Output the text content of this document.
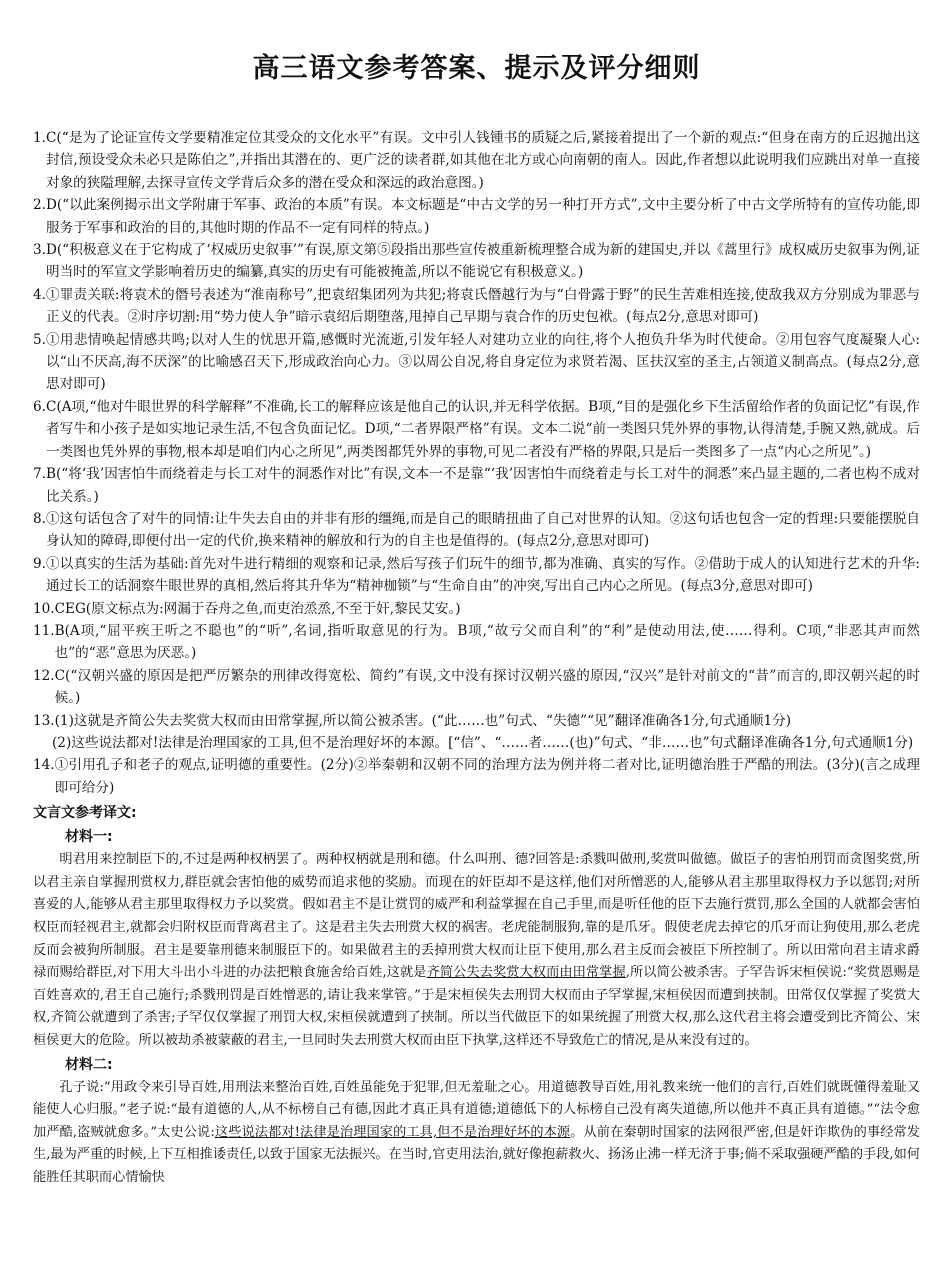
高三语文参考答案、提示及评分细则
1. C(“是为了论证宣传文学要精准定位其受众的文化水平”有误。文中引人钱锺书的质疑之后,紧接着提出了一个新的观点:“但身在南方的丘迟抛出这封信,预设受众未必只是陈伯之”,并指出其潜在的、更广泛的读者群,如其他在北方或心向南朝的南人。因此,作者想以此说明我们应跳出对单一直接对象的狭隘理解,去探寻宣传文学背后众多的潜在受众和深远的政治意图。)
2. D(“以此案例揭示出文学附庸于军事、政治的本质”有误。本文标题是“中古文学的另一种打开方式”,文中主要分析了中古文学所特有的宣传功能,即服务于军事和政治的目的,其他时期的作品不一定有同样的特点。)
3. D(“积极意义在于它构成了‘权威历史叙事’”有误,原文第⑤段指出那些宣传被重新梳理整合成为新的建国史,并以《蒿里行》成权威历史叙事为例,证明当时的军宣文学影响着历史的编纂,真实的历史有可能被掩盖,所以不能说它有积极意义。)
4. ①罪责关联:将袁术的僭号表述为“淮南称号”,把袁绍集团列为共犯;将袁氏僭越行为与“白骨露于野”的民生苦难相连接,使敌我双方分别成为罪恶与正义的代表。②时序切割:用“势力使人争”暗示袁绍后期堕落,甩掉自己早期与袁合作的历史包袱。(每点2分,意思对即可)
5. ①用悲情唤起情感共鸣;以对人生的忧思开篇,感慨时光流逝,引发年轻人对建功立业的向往,将个人抱负升华为时代使命。②用包容气度凝聚人心:以“山不厌高,海不厌深”的比喻感召天下,形成政治向心力。③以周公自况,将自身定位为求贤若渴、匡扶汉室的圣主,占领道义制高点。(每点2分,意思对即可)
6. C(A项,“他对牛眼世界的科学解释”不准确,长工的解释应该是他自己的认识,并无科学依据。B项,“目的是强化乡下生活留给作者的负面记忆”有误,作者写牛和小孩子是如实地记录生活,不包含负面记忆。D项,“二者界限严格”有误。文本二说“前一类图只凭外界的事物,认得清楚,手腕又熟,就成。后一类图也凭外界的事物,根本却是咱们内心之所见”,两类图都凭外界的事物,可见二者没有严格的界限,只是后一类图多了一点“内心之所见”。)
7. B(“将‘我’因害怕牛而绕着走与长工对牛的洞悉作对比”有误,文本一不是靠“‘我’因害怕牛而绕着走与长工对牛的洞悉”来凸显主题的,二者也构不成对比关系。)
8. ①这句话包含了对牛的同情:让牛失去自由的并非有形的缰绳,而是自己的眼睛扭曲了自己对世界的认知。②这句话也包含一定的哲理:只要能摆脱自身认知的障碍,即便付出一定的代价,换来精神的解放和行为的自主也是值得的。(每点2分,意思对即可)
9. ①以真实的生活为基础:首先对牛进行精细的观察和记录,然后写孩子们玩牛的细节,都为准确、真实的写作。②借助于成人的认知进行艺术的升华:通过长工的话洞察牛眼世界的真相,然后将其升华为“精神枷锁”与“生命自由”的冲突,写出自己内心之所见。(每点3分,意思对即可)
10. CEG(原文标点为:网漏于吞舟之鱼,而吏治烝烝,不至于奸,黎民艾安。)
11. B(A项,“屈平疾王听之不聪也”的“听”,名词,指听取意见的行为。B项,“故亏父而自利”的“利”是使动用法,使……得利。C项,“非恶其声而然也”的“恶”意思为厌恶。)
12. C(“汉朝兴盛的原因是把严厉繁杂的刑律改得宽松、简约”有误,文中没有探讨汉朝兴盛的原因,“汉兴”是针对前文的“昔”而言的,即汉朝兴起的时候。)
13. (1)这就是齐简公失去奖赏大权而由田常掌握,所以简公被杀害。(“此……也”句式、“失德”“见”翻译准确各1分,句式通顺1分)
(2)这些说法都对!法律是治理国家的工具,但不是治理好坏的本源。[“信”、“……者……(也)”句式、“非……也”句式翻译准确各1分,句式通顺1分)
14. ①引用孔子和老子的观点,证明德的重要性。(2分)②举秦朝和汉朝不同的治理方法为例并将二者对比,证明德治胜于严酷的刑法。(3分)(言之成理即可给分)
文言文参考译文:
材料一:

明君用来控制臣下的,不过是两种权柄罢了。两种权柄就是刑和德。什么叫刑、德?回答是:杀戮叫做刑,奖赏叫做德。做臣子的害怕刑罚而贪图奖赏,所以君主亲自掌握刑赏权力,群臣就会害怕他的威势而追求他的奖励。而现在的奸臣却不是这样,他们对所憎恶的人,能够从君主那里取得权力予以惩罚;对所喜爱的人,能够从君主那里取得权力予以奖赏。假如君主不是让赏罚的威严和利益掌握在自己手里,而是听任他的臣下去施行赏罚,那么全国的人就都会害怕权臣而轻视君主,就都会归附权臣而背离君主了。这是君主失去刑赏大权的祸害。老虎能制服狗,靠的是爪牙。假使老虎去掉它的爪牙而让狗使用,那么老虎反而会被狗所制服。君主是要靠刑德来制服臣下的。如果做君主的丢掉刑赏大权而让臣下使用,那么君主反而会被臣下所控制了。所以田常向君主请求爵禄而赐给群臣,对下用大斗出小斗进的办法把粮食施舍给百姓,这就是齐简公失去奖赏大权而由田常掌握,所以简公被杀害。子罕告诉宋桓侯说:“奖赏恩赐是百姓喜欢的,君王自己施行;杀戮刑罚是百姓憎恶的,请让我来掌管。”于是宋桓侯失去刑罚大权而由子罕掌握,宋桓侯因而遭到挟制。田常仅仅掌握了奖赏大权,齐简公就遭到了杀害;子罕仅仅掌握了刑罚大权,宋桓侯就遭到了挟制。所以当代做臣下的如果统握了刑赏大权,那么这代君主将会遭受到比齐简公、宋桓侯更大的危险。所以被劫杀被蒙蔽的君主,一旦同时失去刑赏大权而由臣下执掌,这样还不导致危亡的情况,是从来没有过的。

材料二:

孔子说:“用政令来引导百姓,用刑法来整治百姓,百姓虽能免于犯罪,但无羞耻之心。用道德教导百姓,用礼教来统一他们的言行,百姓们就既懂得羞耻又能使人心归服。”老子说:“最有道德的人,从不标榜自己有德,因此才真正具有道德;道德低下的人标榜自己没有离失道德,所以他并不真正具有道德。”“法令愈加严酷,盗贼就愈多。”太史公说:这些说法都对!法律是治理国家的工具,但不是治理好坏的本源。从前在秦朝时国家的法网很严密,但是奸诈欺伪的事经常发生,最为严重的时候,上下互相推诿责任,以致于国家无法振兴。在当时,官吏用法治,就好像抱薪救火、扬汤止沸一样无济于事;倘不采取强硬严酷的手段,如何能胜任其职而心情愉快
